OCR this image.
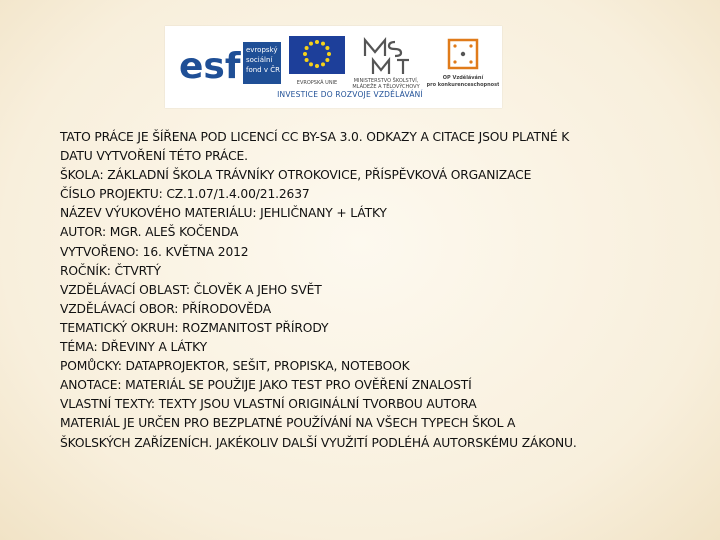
esf evropský
sociální
fond v ČR
EVROPSKÁ UNIE	MINISTERSTVO ŠKOLSTVÍ,
MLÁDEŽE A TĚLOVÝCHOVY
OP Vzdělávání
pro konkurenceschopnost
INVESTICE DO ROZVOJE VZDĚLÁVÁNÍ
TATO PRÁCE JE ŠÍŘENA POD LICENCÍ CC BY-SA 3.0. ODKAZY A CITACE JSOU PLATNÉ K
DATU VYTVOŘENÍ TÉTO PRÁCE.
ŠKOLA: ZÁKLADNÍ ŠKOLA TRÁVNÍKY OTROKOVICE, PŘÍSPĚVKOVÁ ORGANIZACE
ČÍSLO PROJEKTU: CZ.1.07/1.4.00/21.2637
NÁZEV VÝUKOVÉHO MATERIÁLU: JEHLIČNANY + LÁTKY
AUTOR: MGR. ALEŠ KOČENDA
VYTVOŘENO: 16. KVĚTNA 2012
ROČNÍK: ČTVRTÝ
VZDĚLÁVACÍ OBLAST: ČLOVĚK A JEHO SVĚT
VZDĚLÁVACÍ OBOR: PŘÍRODOVĚDA
TEMATICKÝ OKRUH: ROZMANITOST PŘÍRODY
TÉMA: DŘEVINY A LÁTKY
POMŮCKY: DATAPROJEKTOR, SEŠIT, PROPISKA, NOTEBOOK
ANOTACE: MATERIÁL SE POUŽIJE JAKO TEST PRO OVĚŘENÍ ZNALOSTÍ
VLASTNÍ TEXTY: TEXTY JSOU VLASTNÍ ORIGINÁLNÍ TVORBOU AUTORA
MATERIÁL JE URČEN PRO BEZPLATNÉ POUŽÍVÁNÍ NA VŠECH TYPECH ŠKOL A
ŠKOLSKÝCH ZAŘÍZENÍCH. JAKÉKOLIV DALŠÍ VYUŽITÍ PODLÉHÁ AUTORSKÉMU ZÁKONU.
